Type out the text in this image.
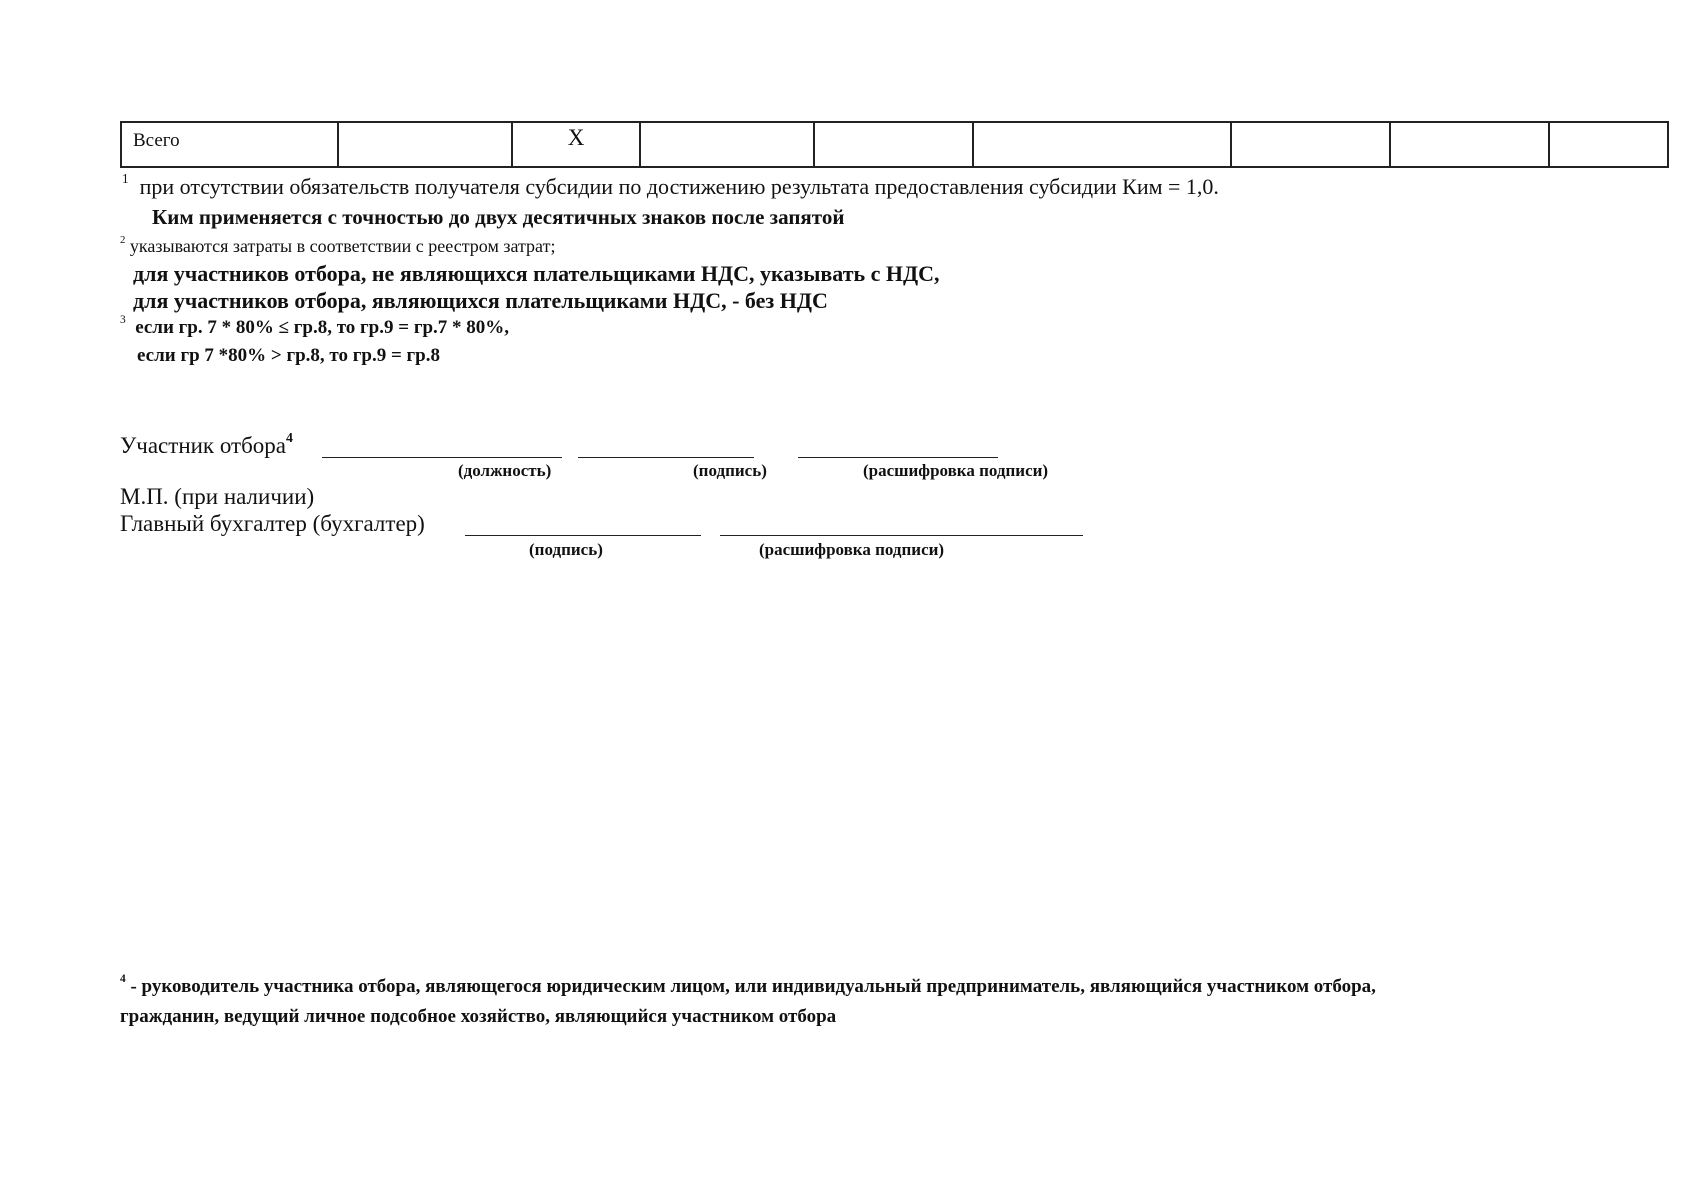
Всего		X						
$^1$ при отсутствии обязательств получателя субсидии по достижению результата предоставления субсидии Ким = 1,0.
Ким применяется с точностью до двух десятичных знаков после запятой
$^2$ указываются затраты в соответствии с реестром затрат;
для участников отбора, не являющихся плательщиками НДС, указывать с НДС,
для участников отбора, являющихся плательщиками НДС, - без НДС
$^3$ если гр. 7 * 80% ≤ гр.8, то гр.9 = гр.7 * 80%,
если гр 7 *80% > гр.8, то гр.9 = гр.8
Участник отбора$^4$
(должность)	(подпись)	(расшифровка подписи)
М.П. (при наличии)
Главный бухгалтер (бухгалтер)
(подпись)	(расшифровка подписи)
$^4$ - руководитель участника отбора, являющегося юридическим лицом, или индивидуальный предприниматель, являющийся участником отбора,
гражданин, ведущий личное подсобное хозяйство, являющийся участником отбора
